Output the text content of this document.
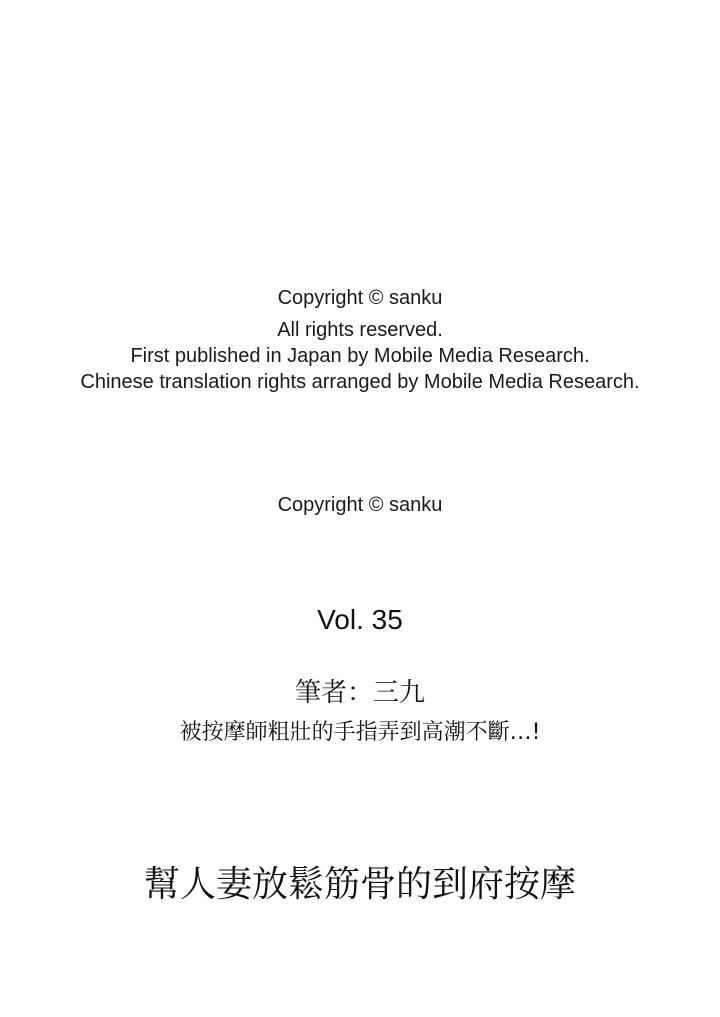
Copyright © sanku
All rights reserved.
First published in Japan by Mobile Media Research.
Chinese translation rights arranged by Mobile Media Research.
Copyright © sanku
Vol. 35
筆者：三九
被按摩師粗壯的手指弄到高潮不斷…!
幫人妻放鬆筋骨的到府按摩
